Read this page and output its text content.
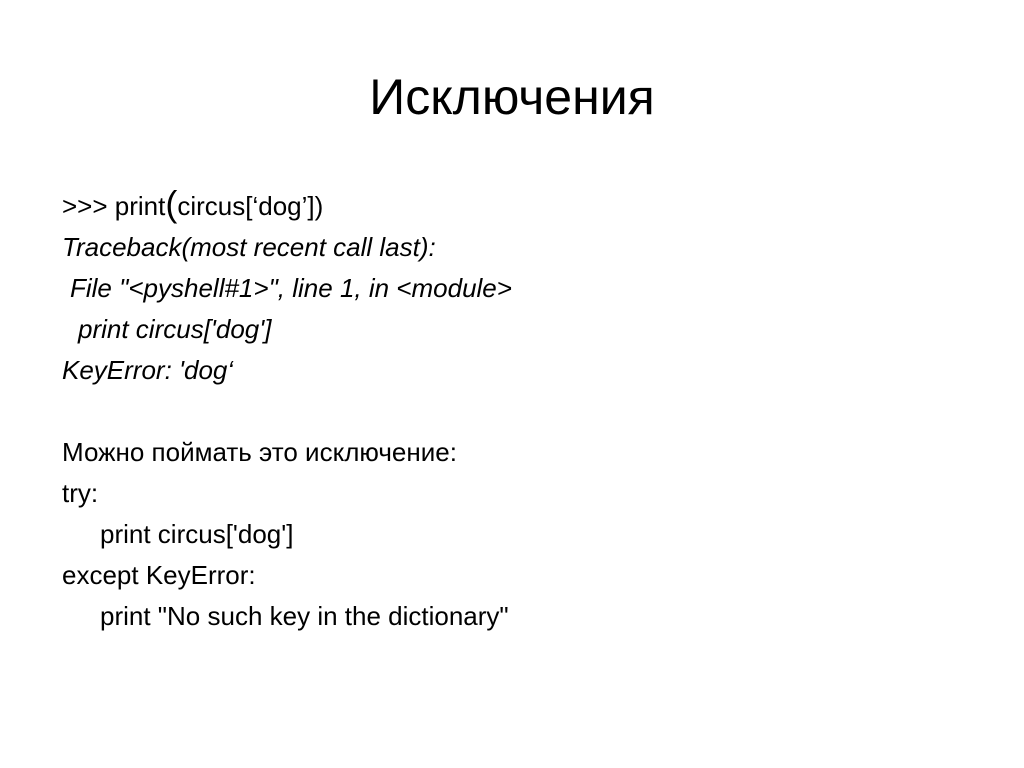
Исключения
>>> print(circus[‘dog’])
Traceback(most recent call last):
File "<pyshell#1>", line 1, in <module>
print circus['dog']
KeyError: 'dog‘
Можно поймать это исключение:
try:
print circus['dog']
except KeyError:
print "No such key in the dictionary"
